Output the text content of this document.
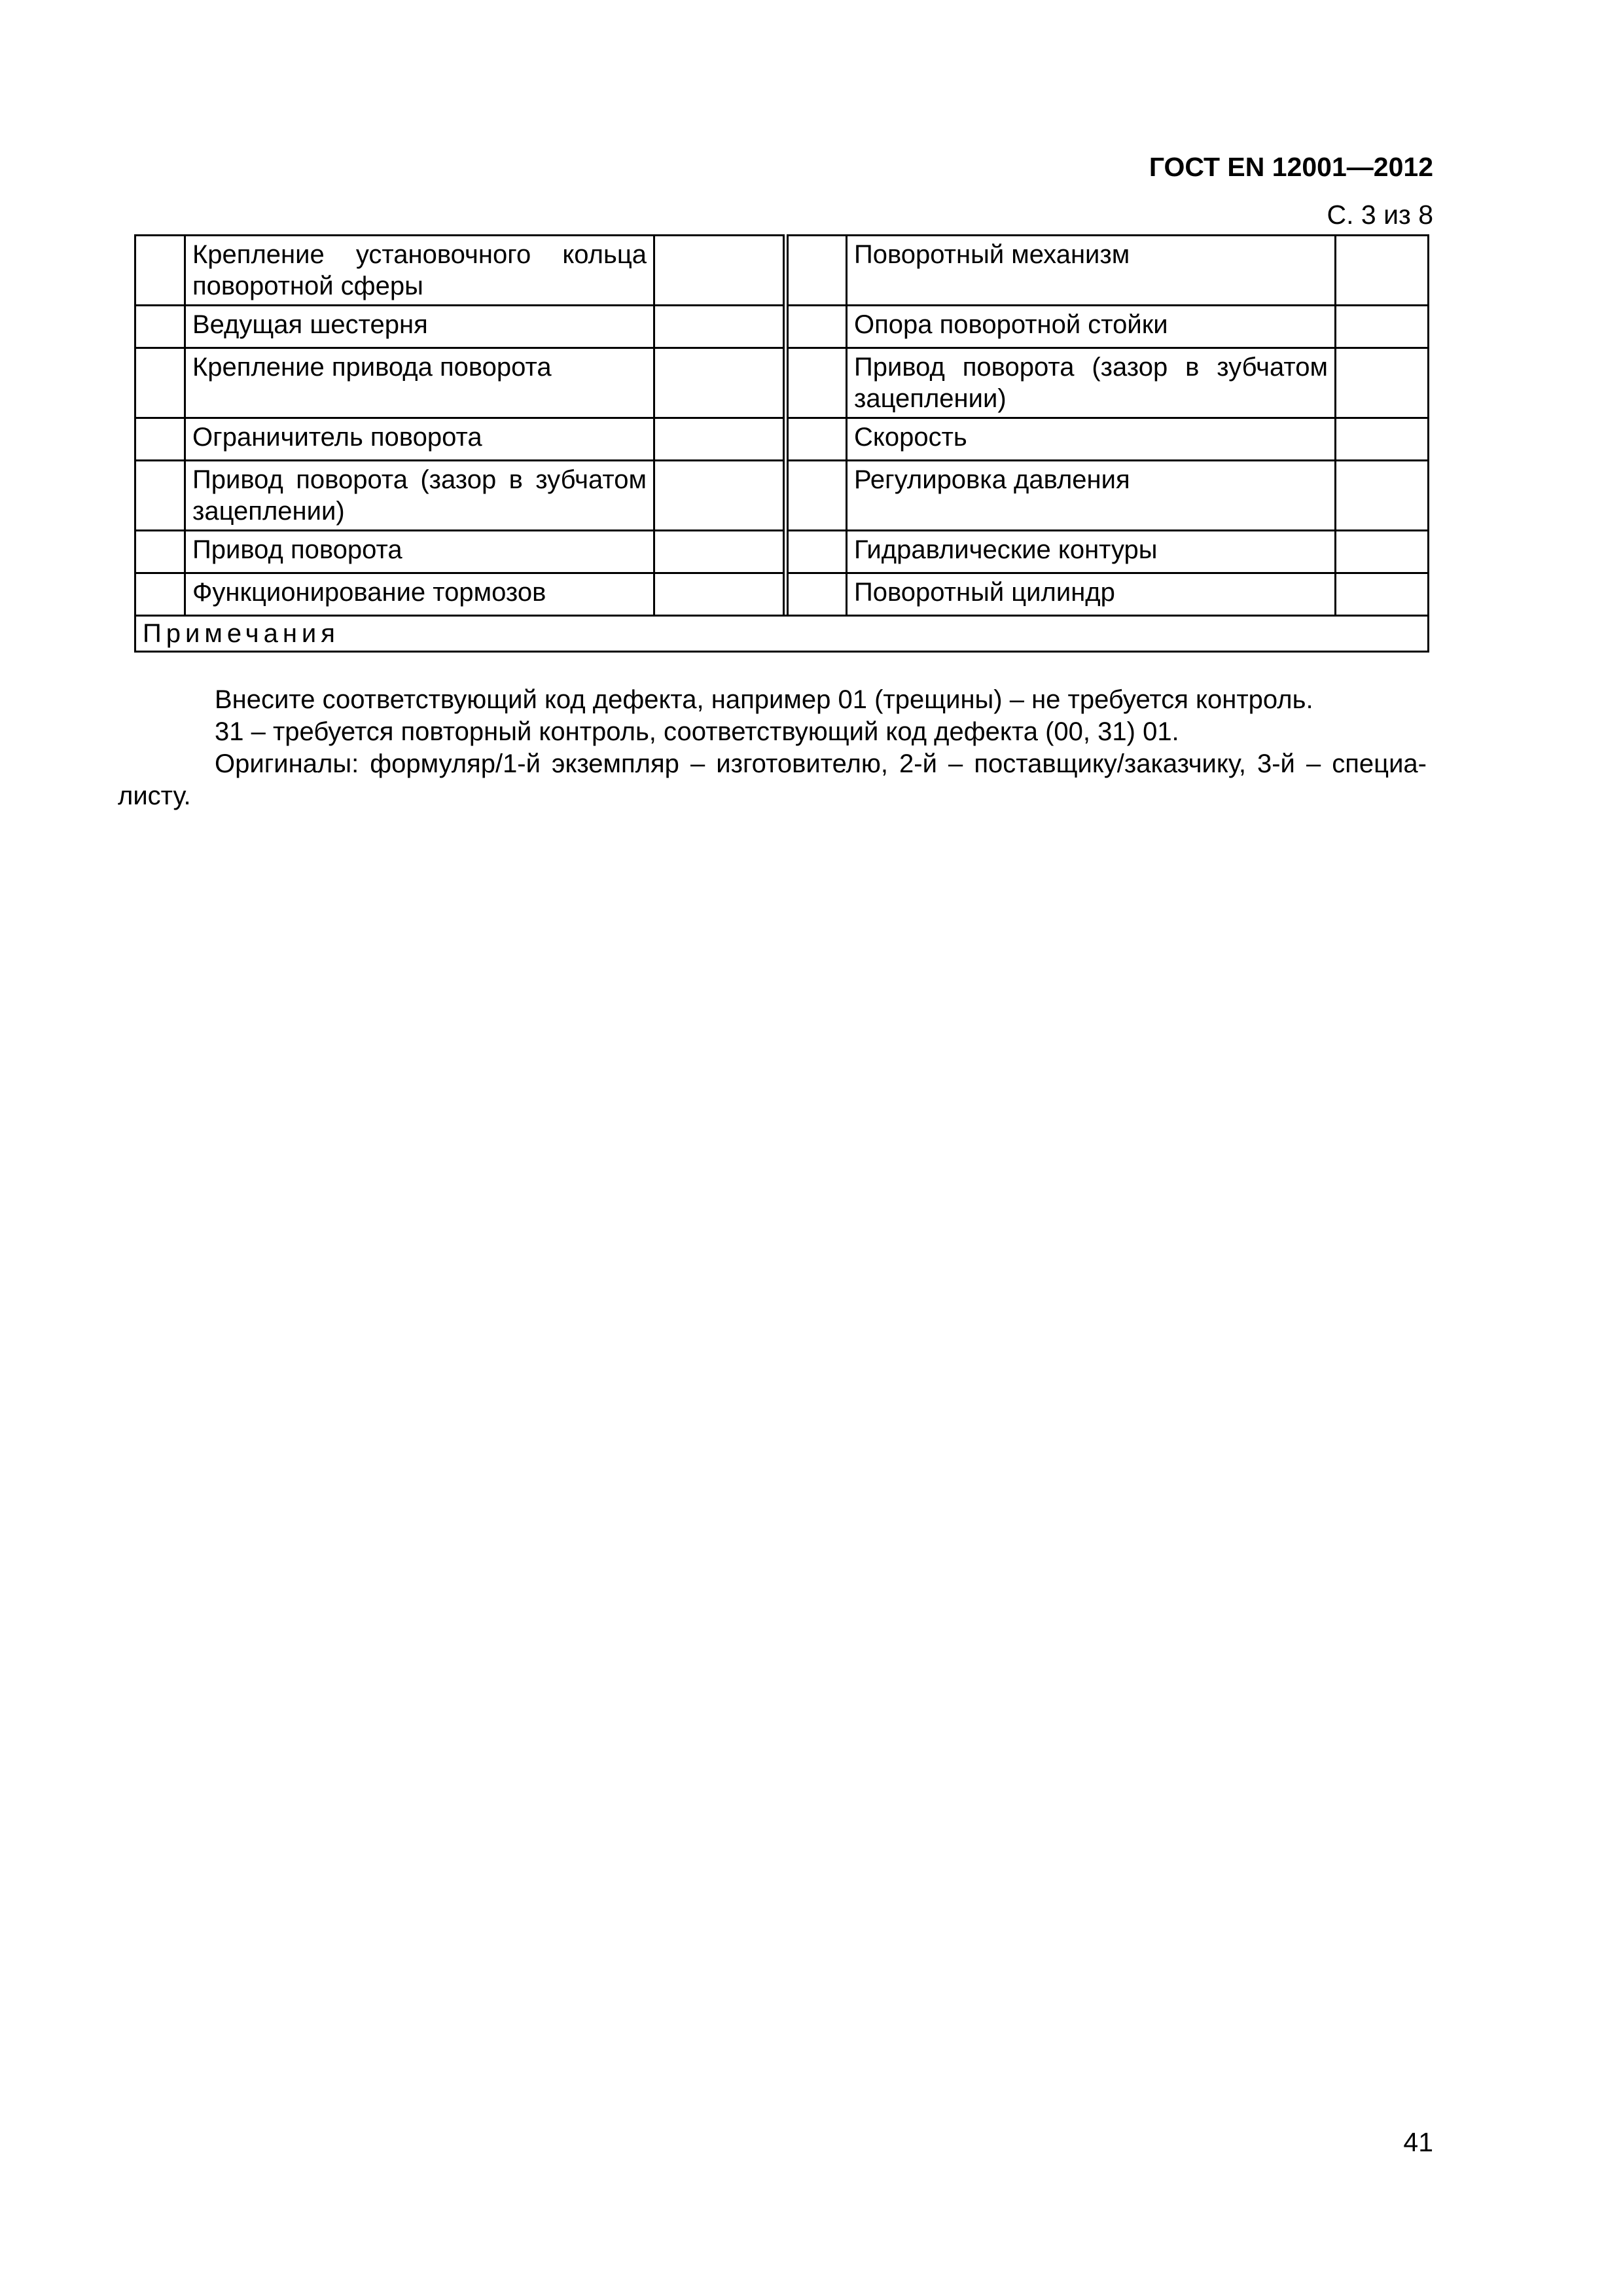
ГОСТ EN 12001—2012
С. 3 из 8
	Крепление установочного кольца поворотной сферы				Поворотный механизм	
	Ведущая шестерня				Опора поворотной стойки	
	Крепление привода поворота				Привод поворота (зазор в зубчатом зацеплении)	
	Ограничитель поворота				Скорость	
	Привод поворота (зазор в зубчатом зацеплении)				Регулировка давления	
	Привод поворота				Гидравлические контуры	
	Функционирование тормозов				Поворотный цилиндр	
Примечания						

Внесите соответствующий код дефекта, например 01 (трещины) – не требуется контроль.

31 – требуется повторный контроль, соответствующий код дефекта (00, 31) 01.

Оригиналы: формуляр/1-й экземпляр – изготовителю, 2-й – поставщику/заказчику, 3-й – специалисту.

41
